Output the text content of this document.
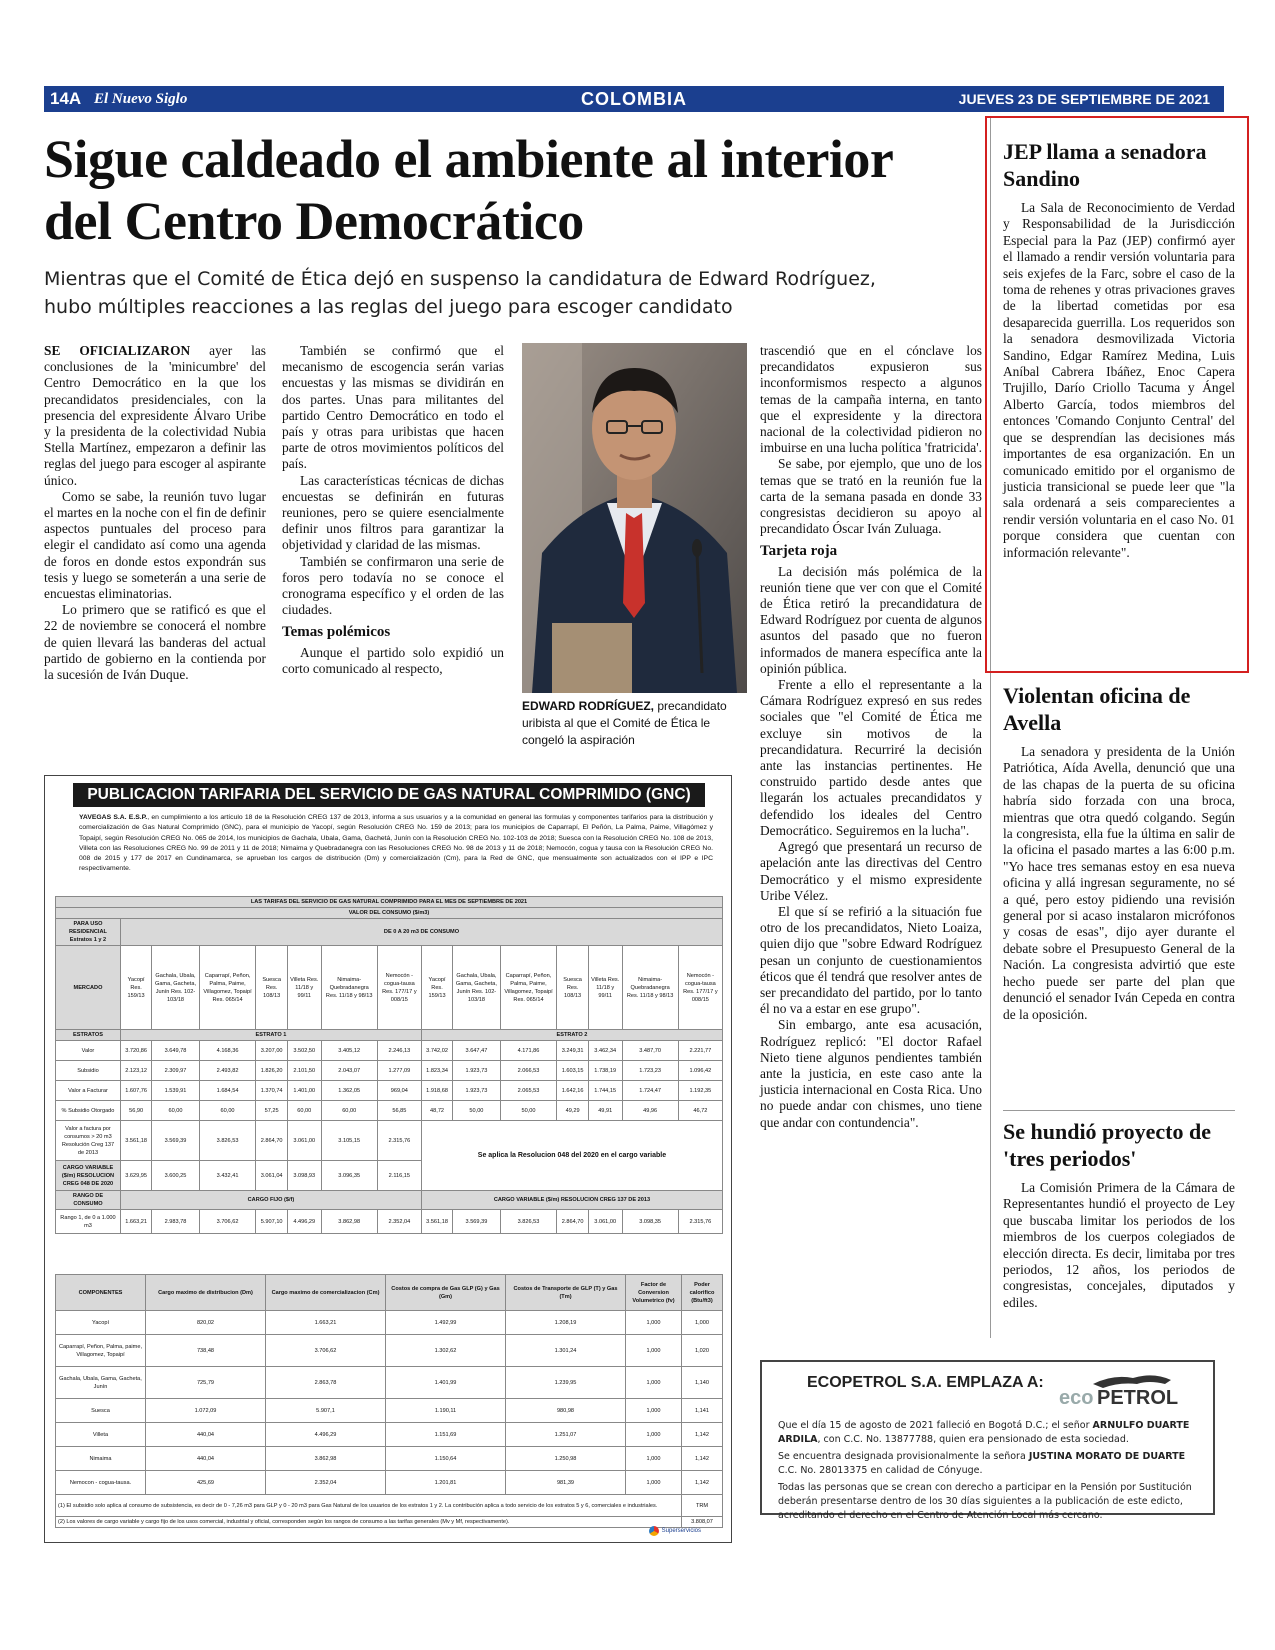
14A El Nuevo Siglo	COLOMBIA	JUEVES 23 DE SEPTIEMBRE DE 2021
Sigue caldeado el ambiente al interior del Centro Democrático
Mientras que el Comité de Ética dejó en suspenso la candidatura de Edward Rodríguez, hubo múltiples reacciones a las reglas del juego para escoger candidato

SE OFICIALIZARON ayer las conclusiones de la 'minicumbre' del Centro Democrático en la que los precandidatos presidenciales, con la presencia del expresidente Álvaro Uribe y la presidenta de la colectividad Nubia Stella Martínez, empezaron a definir las reglas del juego para escoger al aspirante único.

Como se sabe, la reunión tuvo lugar el martes en la noche con el fin de definir aspectos puntuales del proceso para elegir el candidato así como una agenda de foros en donde estos expondrán sus tesis y luego se someterán a una serie de encuestas eliminatorias.

Lo primero que se ratificó es que el 22 de noviembre se conocerá el nombre de quien llevará las banderas del actual partido de gobierno en la contienda por la sucesión de Iván Duque.

También se confirmó que el mecanismo de escogencia serán varias encuestas y las mismas se dividirán en dos partes. Unas para militantes del partido Centro Democrático en todo el país y otras para uribistas que hacen parte de otros movimientos políticos del país.

Las características técnicas de dichas encuestas se definirán en futuras reuniones, pero se quiere esencialmente definir unos filtros para garantizar la objetividad y claridad de las mismas.

También se confirmaron una serie de foros pero todavía no se conoce el cronograma específico y el orden de las ciudades.

Temas polémicos

Aunque el partido solo expidió un corto comunicado al respecto,

EDWARD RODRÍGUEZ, precandidato uribista al que el Comité de Ética le congeló la aspiración

trascendió que en el cónclave los precandidatos expusieron sus inconformismos respecto a algunos temas de la campaña interna, en tanto que el expresidente y la directora nacional de la colectividad pidieron no imbuirse en una lucha política 'fratricida'.

Se sabe, por ejemplo, que uno de los temas que se trató en la reunión fue la carta de la semana pasada en donde 33 congresistas decidieron su apoyo al precandidato Óscar Iván Zuluaga.

Tarjeta roja

La decisión más polémica de la reunión tiene que ver con que el Comité de Ética retiró la precandidatura de Edward Rodríguez por cuenta de algunos asuntos del pasado que no fueron informados de manera específica ante la opinión pública.

Frente a ello el representante a la Cámara Rodríguez expresó en sus redes sociales que "el Comité de Ética me excluye sin motivos de la precandidatura. Recurriré la decisión ante las instancias pertinentes. He construido partido desde antes que llegarán los actuales precandidatos y defendido los ideales del Centro Democrático. Seguiremos en la lucha".

Agregó que presentará un recurso de apelación ante las directivas del Centro Democrático y el mismo expresidente Uribe Vélez.

El que sí se refirió a la situación fue otro de los precandidatos, Nieto Loaiza, quien dijo que "sobre Edward Rodríguez pesan un conjunto de cuestionamientos éticos que él tendrá que resolver antes de ser precandidato del partido, por lo tanto él no va a estar en ese grupo".

Sin embargo, ante esa acusación, Rodríguez replicó: "El doctor Rafael Nieto tiene algunos pendientes también ante la justicia, en este caso ante la justicia internacional en Costa Rica. Uno no puede andar con chismes, uno tiene que andar con contundencia".

JEP llama a senadora Sandino

La Sala de Reconocimiento de Verdad y Responsabilidad de la Jurisdicción Especial para la Paz (JEP) confirmó ayer el llamado a rendir versión voluntaria para seis exjefes de la Farc, sobre el caso de la toma de rehenes y otras privaciones graves de la libertad cometidas por esa desaparecida guerrilla. Los requeridos son la senadora desmovilizada Victoria Sandino, Edgar Ramírez Medina, Luis Aníbal Cabrera Ibáñez, Enoc Capera Trujillo, Darío Criollo Tacuma y Ángel Alberto García, todos miembros del entonces 'Comando Conjunto Central' del que se desprendían las decisiones más importantes de esa organización. En un comunicado emitido por el organismo de justicia transicional se puede leer que "la sala ordenará a seis comparecientes a rendir versión voluntaria en el caso No. 01 porque considera que cuentan con información relevante".

Violentan oficina de Avella

La senadora y presidenta de la Unión Patriótica, Aída Avella, denunció que una de las chapas de la puerta de su oficina habría sido forzada con una broca, mientras que otra quedó colgando. Según la congresista, ella fue la última en salir de la oficina el pasado martes a las 6:00 p.m. "Yo hace tres semanas estoy en esa nueva oficina y allá ingresan seguramente, no sé a qué, pero estoy pidiendo una revisión general por si acaso instalaron micrófonos y cosas de esas", dijo ayer durante el debate sobre el Presupuesto General de la Nación. La congresista advirtió que este hecho puede ser parte del plan que denunció el senador Iván Cepeda en contra de la oposición.

Se hundió proyecto de 'tres periodos'

La Comisión Primera de la Cámara de Representantes hundió el proyecto de Ley que buscaba limitar los periodos de los miembros de los cuerpos colegiados de elección directa. Es decir, limitaba por tres periodos, 12 años, los periodos de congresistas, concejales, diputados y ediles.

PUBLICACION TARIFARIA DEL SERVICIO DE GAS NATURAL COMPRIMIDO (GNC)
YAVEGAS S.A. E.S.P., en cumplimiento a los artículo 18 de la Resolución CREG 137 de 2013, informa a sus usuarios y a la comunidad en general las formulas y componentes tarifarios para la distribución y comercialización de Gas Natural Comprimido (GNC), para el municipio de Yacopí, según Resolución CREG No. 159 de 2013; para los municipios de Caparrapí, El Peñón, La Palma, Paime, Villagómez y Topaipí, según Resolución CREG No. 065 de 2014, los municipios de Gachala, Ubala, Gama, Gachetá, Junín con la Resolución CREG No. 102-103 de 2018; Suesca con la Resolución CREG No. 108 de 2013, Villeta con las Resoluciones CREG No. 99 de 2011 y 11 de 2018; Nimaima y Quebradanegra con las Resoluciones CREG No. 98 de 2013 y 11 de 2018; Nemocón, cogua y tausa con la Resolución CREG No. 008 de 2015 y 177 de 2017 en Cundinamarca, se aprueban los cargos de distribución (Dm) y comercialización (Cm), para la Red de GNC, que mensualmente son actualizados con el IPP e IPC respectivamente.
LAS TARIFAS DEL SERVICIO DE GAS NATURAL COMPRIMIDO PARA EL MES DE SEPTIEMBRE DE 2021														
VALOR DEL CONSUMO ($/m3)														
PARA USO RESIDENCIAL Estratos 1 y 2	DE 0 A 20 m3 DE CONSUMO													
MERCADO	Yacopí Res. 159/13	Gachala, Ubala, Gama, Gacheta, Junín Res. 102-103/18	Caparrapí, Peñon, Palma, Paime, Villagomez, Topaipí Res. 065/14	Suesca Res. 108/13	Villeta Res. 11/18 y 99/11	Nimaima-Quebradanegra Res. 11/18 y 98/13	Nemocón - cogua-tausa Res. 177/17 y 008/15	Yacopí Res. 159/13	Gachala, Ubala, Gama, Gacheta, Junín Res. 102-103/18	Caparrapí, Peñon, Palma, Paime, Villagomez, Topaipí Res. 065/14	Suesca Res. 108/13	Villeta Res. 11/18 y 99/11	Nimaima-Quebradanegra Res. 11/18 y 98/13	Nemocón - cogua-tausa Res. 177/17 y 008/15
ESTRATOS	ESTRATO 1							ESTRATO 2						
Valor	3.720,86	3.649,78	4.168,36	3.207,00	3.502,50	3.405,12	2.246,13	3.742,02	3.647,47	4.171,86	3.249,31	3.462,34	3.487,70	2.221,77
Subsidio	2.123,12	2.309,97	2.493,82	1.826,20	2.101,50	2.043,07	1.277,09	1.823,34	1.923,73	2.066,53	1.603,15	1.738,19	1.723,23	1.096,42
Valor a Facturar	1.607,76	1.539,91	1.684,54	1.370,74	1.401,00	1.362,05	969,04	1.918,68	1.923,73	2.065,53	1.642,16	1.744,15	1.724,47	1.192,35
% Subsidio Otorgado	56,90	60,00	60,00	57,25	60,00	60,00	56,85	48,72	50,00	50,00	49,29	49,91	49,96	46,72
Valor a factura por consumos > 20 m3 Resolución Creg 137 de 2013	3.561,18	3.569,39	3.826,53	2.864,70	3.061,00	3.105,15	2.315,76	Se aplica la Resolucion 048 del 2020 en el cargo variable						
CARGO VARIABLE ($/m) RESOLUCION CREG 048 DE 2020	3.629,95	3.600,25	3.432,41	3.061,04	3.098,93	3.096,35	2.116,15							
RANGO DE CONSUMO	CARGO FIJO ($/f)							CARGO VARIABLE ($/m) RESOLUCION CREG 137 DE 2013						
Rango 1, de 0 a 1.000 m3	1.663,21	2.983,78	3.706,62	5.907,10	4.496,29	3.862,98	2.352,04	3.561,18	3.569,39	3.826,53	2.864,70	3.061,00	3.098,35	2.315,76
COMPONENTES	Cargo maximo de distribucion (Dm)	Cargo maximo de comercializacion (Cm)	Costos de compra de Gas GLP (G) y Gas (Gm)	Costos de Transporte de GLP (T) y Gas (Tm)	Factor de Conversion Volumetrico (fv)	Poder calorifico (Btu/ft3)
Yacopí	820,02	1.663,21	1.492,99	1.208,19	1,000	1,000
Caparrapí, Peñon, Palma, paime, Villagomez, Topaipí	738,48	3.706,62	1.302,62	1.301,24	1,000	1,020
Gachala, Ubala, Gama, Gacheta, Junín	725,79	2.863,78	1.401,99	1.239,95	1,000	1,140
Suesca	1.072,09	5.907,1	1.190,11	980,98	1,000	1,141
Villeta	440,04	4.496,29	1.151,69	1.251,07	1,000	1,142
Nimaima	440,04	3.862,98	1.150,64	1.250,98	1,000	1,142
Nemocon - cogua-tausa.	425,69	2.352,04	1.201,81	981,39	1,000	1,142
(1) El subsidio solo aplica al consumo de subsistencia, es decir de 0 - 7,26 m3 para GLP y 0 - 20 m3 para Gas Natural de los usuarios de los estratos 1 y 2. La contribución aplica a todo servicio de los estratos 5 y 6, comerciales e industriales.						TRM
(2) Los valores de cargo variable y cargo fijo de los usos comercial, industrial y oficial, corresponden según los rangos de consumo a las tarifas generales (Mv y Mf, respectivamente).						3.808,07
Superservicios
ECOPETROL S.A. EMPLAZA A:
eco PETROL

Que el día 15 de agosto de 2021 falleció en Bogotá D.C.; el señor ARNULFO DUARTE ARDILA, con C.C. No. 13877788, quien era pensionado de esta sociedad.

Se encuentra designada provisionalmente la señora JUSTINA MORATO DE DUARTE C.C. No. 28013375 en calidad de Cónyuge.

Todas las personas que se crean con derecho a participar en la Pensión por Sustitución deberán presentarse dentro de los 30 días siguientes a la publicación de este edicto, acreditando el derecho en el Centro de Atención Local más cercano.
